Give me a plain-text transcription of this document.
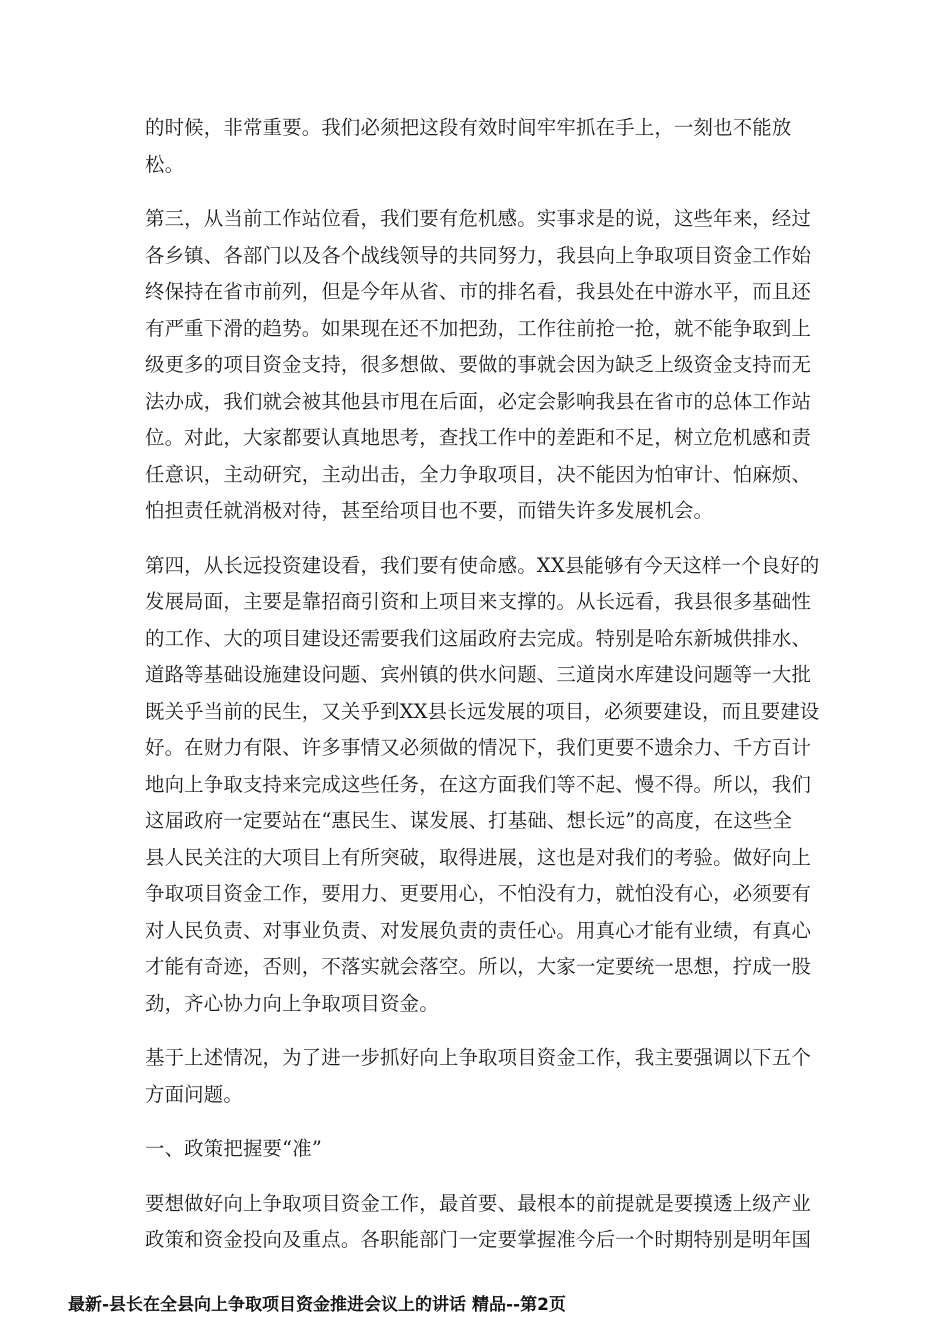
的时候，非常重要。我们必须把这段有效时间牢牢抓在手上，一刻也不能放
松。

第三，从当前工作站位看，我们要有危机感。实事求是的说，这些年来，经过
各乡镇、各部门以及各个战线领导的共同努力，我县向上争取项目资金工作始
终保持在省市前列，但是今年从省、市的排名看，我县处在中游水平，而且还
有严重下滑的趋势。如果现在还不加把劲，工作往前抢一抢，就不能争取到上
级更多的项目资金支持，很多想做、要做的事就会因为缺乏上级资金支持而无
法办成，我们就会被其他县市甩在后面，必定会影响我县在省市的总体工作站
位。对此，大家都要认真地思考，查找工作中的差距和不足，树立危机感和责
任意识，主动研究，主动出击，全力争取项目，决不能因为怕审计、怕麻烦、
怕担责任就消极对待，甚至给项目也不要，而错失许多发展机会。

第四，从长远投资建设看，我们要有使命感。XX县能够有今天这样一个良好的
发展局面，主要是靠招商引资和上项目来支撑的。从长远看，我县很多基础性
的工作、大的项目建设还需要我们这届政府去完成。特别是哈东新城供排水、
道路等基础设施建设问题、宾州镇的供水问题、三道岗水库建设问题等一大批
既关乎当前的民生，又关乎到XX县长远发展的项目，必须要建设，而且要建设
好。在财力有限、许多事情又必须做的情况下，我们更要不遗余力、千方百计
地向上争取支持来完成这些任务，在这方面我们等不起、慢不得。所以，我们
这届政府一定要站在“惠民生、谋发展、打基础、想长远”的高度，在这些全
县人民关注的大项目上有所突破，取得进展，这也是对我们的考验。做好向上
争取项目资金工作，要用力、更要用心，不怕没有力，就怕没有心，必须要有
对人民负责、对事业负责、对发展负责的责任心。用真心才能有业绩，有真心
才能有奇迹，否则，不落实就会落空。所以，大家一定要统一思想，拧成一股
劲，齐心协力向上争取项目资金。

基于上述情况，为了进一步抓好向上争取项目资金工作，我主要强调以下五个
方面问题。

一、政策把握要“准”

要想做好向上争取项目资金工作，最首要、最根本的前提就是要摸透上级产业
政策和资金投向及重点。各职能部门一定要掌握准今后一个时期特别是明年国

最新-县长在全县向上争取项目资金推进会议上的讲话 精品--第2页
